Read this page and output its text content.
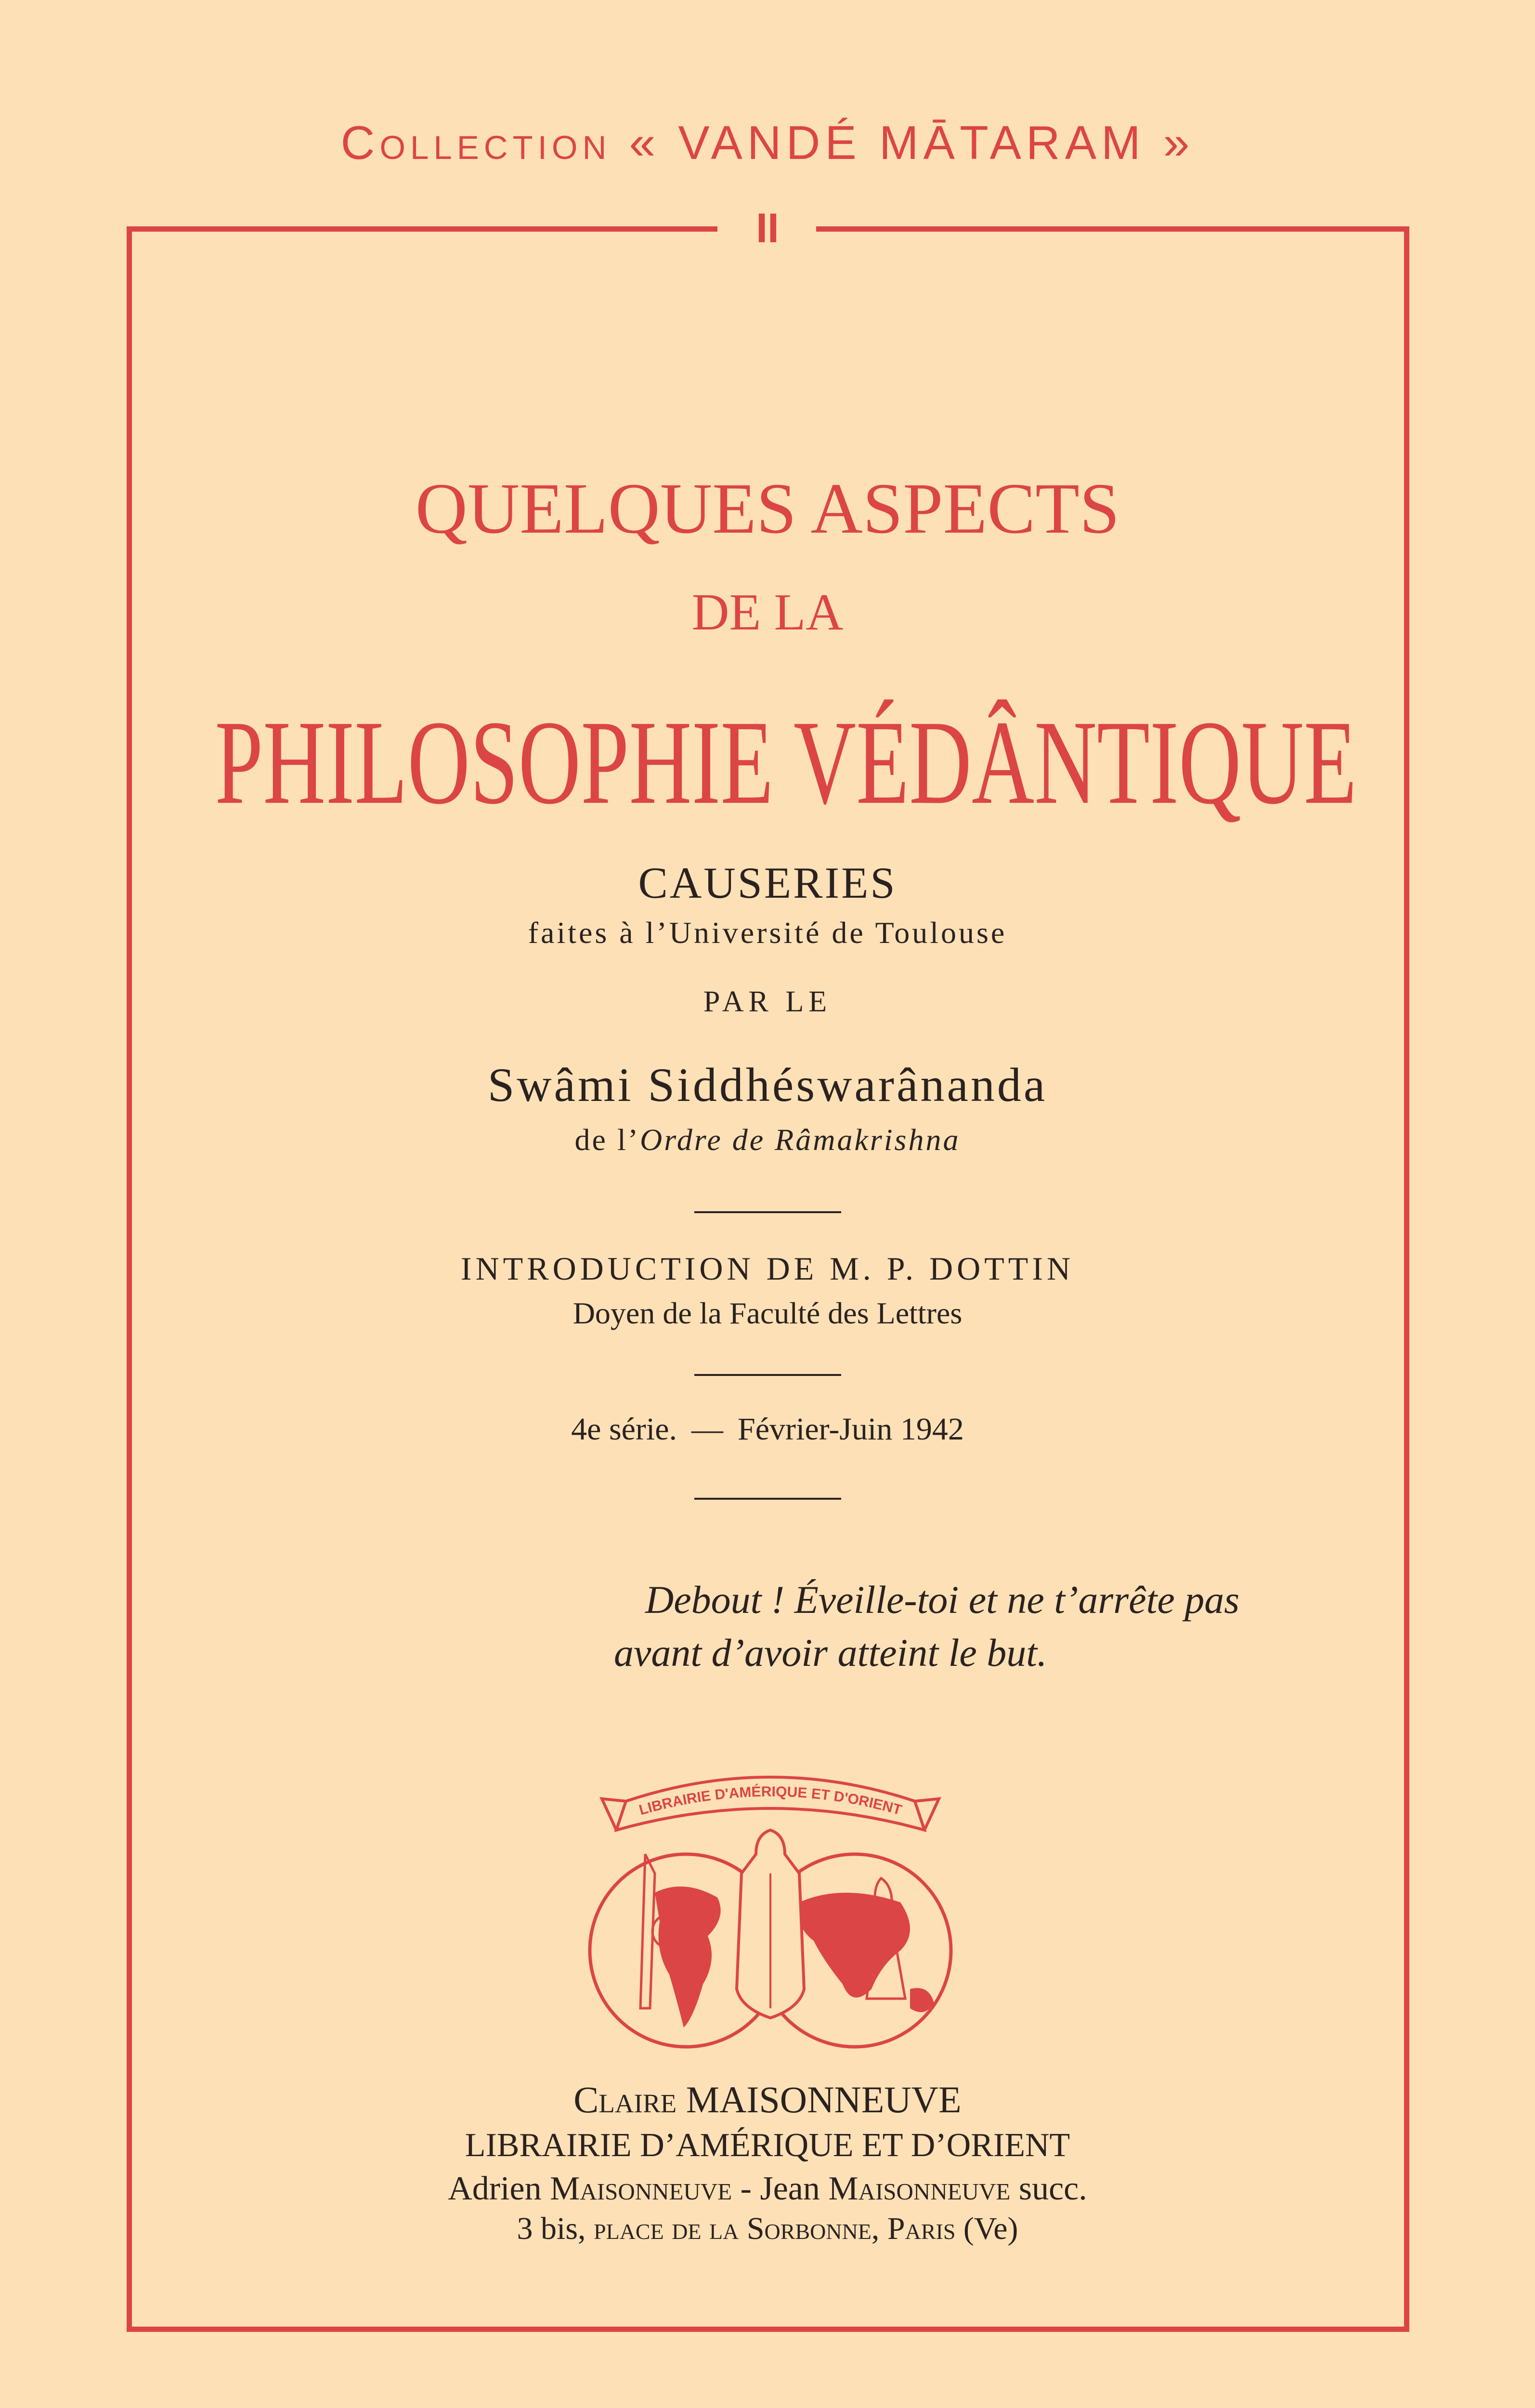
Collection « VANDÉ MĀTARAM »
II
QUELQUES ASPECTS
DE LA
PHILOSOPHIE VÉDÂNTIQUE
CAUSERIES
faites à l’Université de Toulouse
PAR LE
Swâmi Siddhéswarânanda
de l’Ordre de Râmakrishna
INTRODUCTION DE M. P. DOTTIN
Doyen de la Faculté des Lettres
4e série. — Février-Juin 1942
Debout ! Éveille-toi et ne t’arrête pas
avant d’avoir atteint le but.
LIBRAIRIE D'AMÉRIQUE ET D'ORIENT
Claire MAISONNEUVE
LIBRAIRIE D’AMÉRIQUE ET D’ORIENT
Adrien Maisonneuve - Jean Maisonneuve succ.
3 bis, place de la Sorbonne, Paris (Ve)
